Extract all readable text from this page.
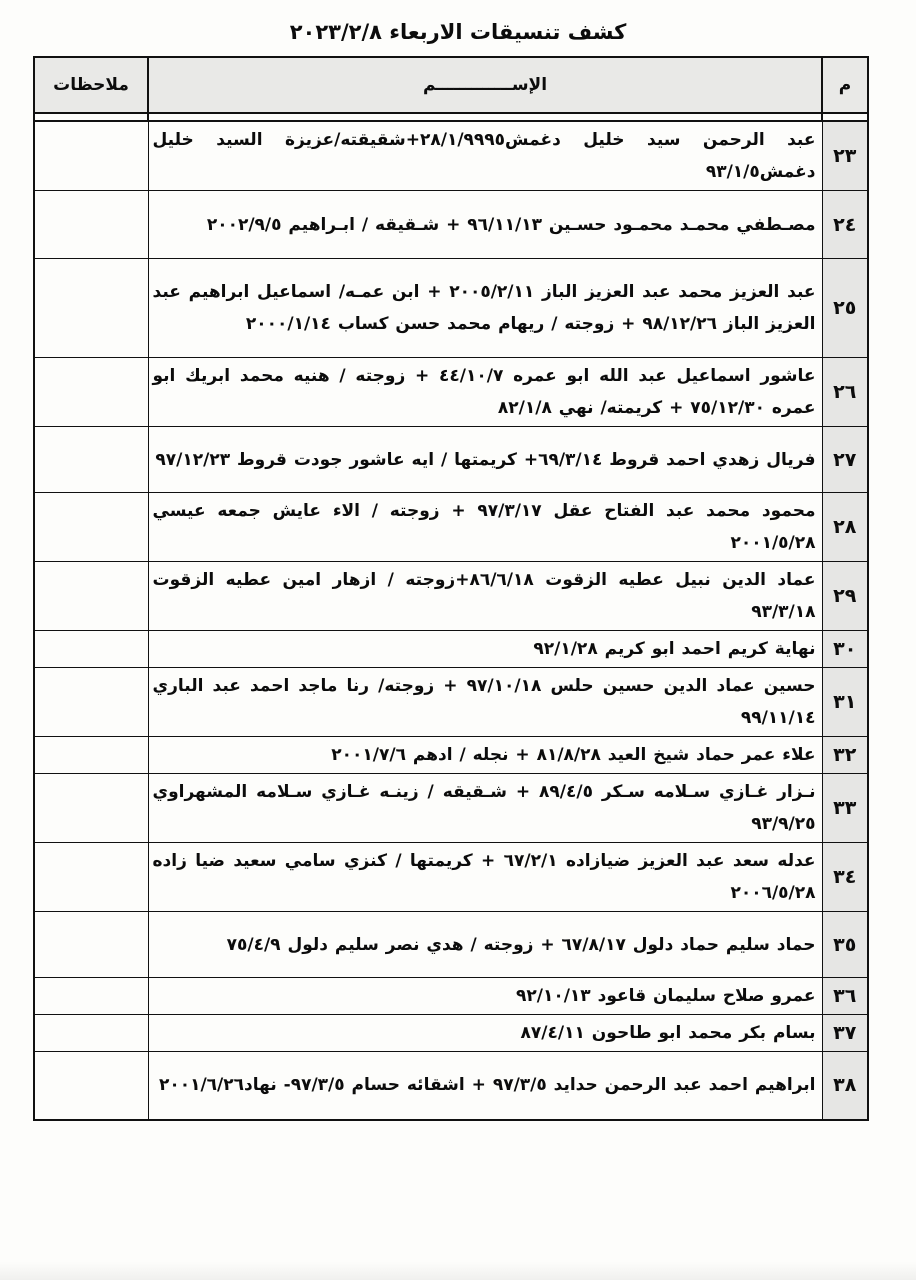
كشف تنسيقات الاربعاء ٢٠٢٣/٢/٨
م	الإســـــــــــــم	ملاحظات

٢٣	عبد الرحمن سيد خليل دغمش٢٨/١/٩٩٩٥+شقيقته/عزيزة السيد خليل دغمش٩٣/١/٥	
٢٤	مصـطفي محمـد محمـود حسـين ٩٦/١١/١٣ + شـقيقه / ابـراهيم ٢٠٠٢/٩/٥	
٢٥	عبد العزيز محمد عبد العزيز الباز ٢٠٠٥/٢/١١ + ابن عمـه/ اسماعيل ابراهيم عبد العزيز الباز ٩٨/١٢/٢٦ + زوجته / ريهام محمد حسن كساب ٢٠٠٠/١/١٤	
٢٦	عاشور اسماعيل عبد الله ابو عمره ٤٤/١٠/٧ + زوجته / هنيه محمد ابريك ابو عمره ٧٥/١٢/٣٠ + كريمته/ نهي ٨٢/١/٨	
٢٧	فريال زهدي احمد قروط ٦٩/٣/١٤+ كريمتها / ايه عاشور جودت قروط ٩٧/١٢/٢٣	
٢٨	محمود محمد عبد الفتاح عقل ٩٧/٣/١٧ + زوجته / الاء عايش جمعه عيسي ٢٠٠١/٥/٢٨	
٢٩	عماد الدين نبيل عطيه الزقوت ٨٦/٦/١٨+زوجته / ازهار امين عطيه الزقوت ٩٣/٣/١٨	
٣٠	نهاية كريم احمد ابو كريم ٩٢/١/٢٨	
٣١	حسين عماد الدين حسين حلس ٩٧/١٠/١٨ + زوجته/ رنا ماجد احمد عبد الباري ٩٩/١١/١٤	
٣٢	علاء عمر حماد شيخ العيد ٨١/٨/٢٨ + نجله / ادهم ٢٠٠١/٧/٦	
٣٣	نـزار غـازي سـلامه سـكر ٨٩/٤/٥ + شـقيقه / زينـه غـازي سـلامه المشهراوي ٩٣/٩/٢٥	
٣٤	عدله سعد عبد العزيز ضيازاده ٦٧/٢/١ + كريمتها / كنزي سامي سعيد ضيا زاده ٢٠٠٦/٥/٢٨	
٣٥	حماد سليم حماد دلول ٦٧/٨/١٧ + زوجته / هدي نصر سليم دلول ٧٥/٤/٩	
٣٦	عمرو صلاح سليمان قاعود ٩٢/١٠/١٣	
٣٧	بسام بكر محمد ابو طاحون ٨٧/٤/١١	
٣٨	ابراهيم احمد عبد الرحمن حدايد ٩٧/٣/٥ + اشقائه حسام ٩٧/٣/٥- نهاد٢٠٠١/٦/٢٦	
